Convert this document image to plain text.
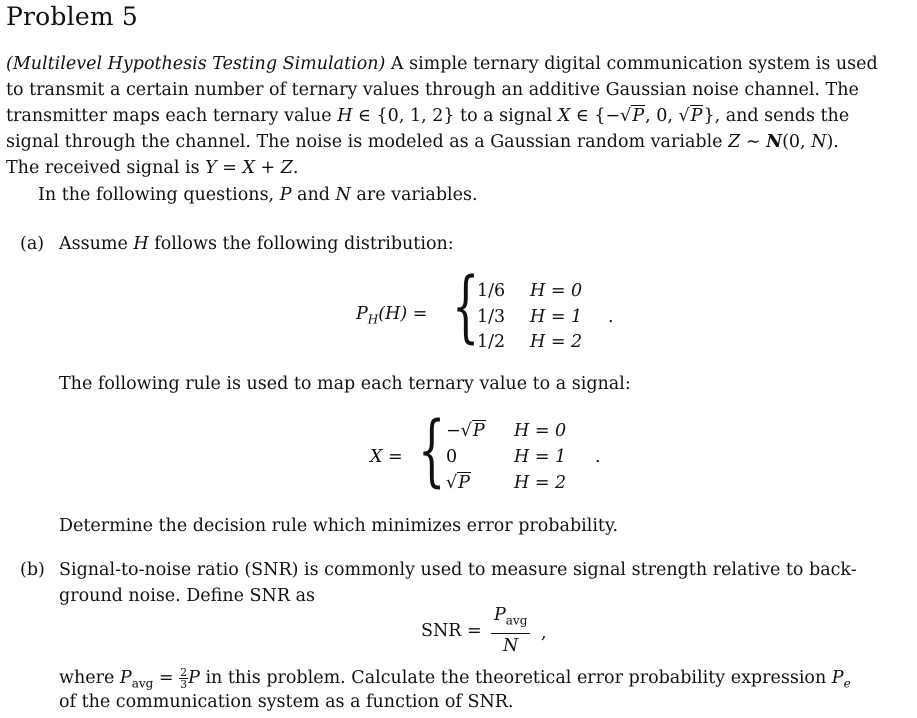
Problem 5
(Multilevel Hypothesis Testing Simulation) A simple ternary digital communication system is used
to transmit a certain number of ternary values through an additive Gaussian noise channel. The
transmitter maps each ternary value H ∈ {0, 1, 2} to a signal X ∈ {−√P, 0, √P}, and sends the
signal through the channel. The noise is modeled as a Gaussian random variable Z ∼ N(0, N).
The received signal is Y = X + Z.
In the following questions, P and N are variables.
(a) Assume H follows the following distribution:
$P_H(H)$ = {
1/6 H = 0
1/3 H = 1
1/2 H = 2
.
The following rule is used to map each ternary value to a signal:
X = { −√P H = 0
0	H = 1
√P	H = 2
.
Determine the decision rule which minimizes error probability.
(b) Signal-to-noise ratio (SNR) is commonly used to measure signal strength relative to back-
ground noise. Define SNR as
SNR = $\frac{P_{avg}}{N}$ ,
where $P_{avg} = \frac{2}{3}$ P in this problem. Calculate the theoretical error probability expression $P_e$
of the communication system as a function of SNR.
